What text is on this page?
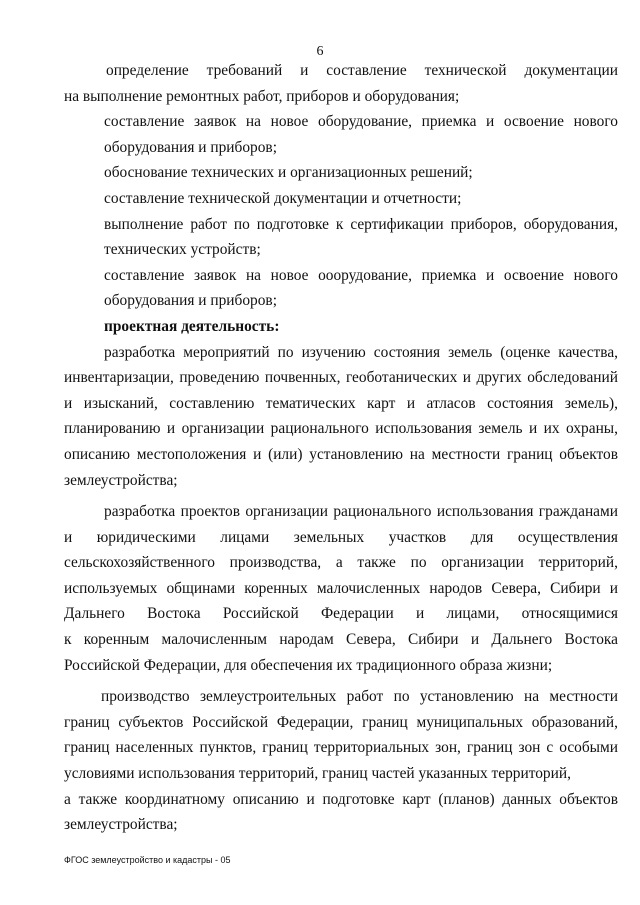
6
определение требований и составление технической документации
на выполнение ремонтных работ, приборов и оборудования;
составление заявок на новое оборудование, приемка и освоение нового
оборудования и приборов;
обоснование технических и организационных решений;
составление технической документации и отчетности;
выполнение работ по подготовке к сертификации приборов, оборудования,
технических устройств;
составление заявок на новое ооорудование, приемка и освоение нового
оборудования и приборов;
проектная деятельность:
разработка мероприятий по изучению состояния земель (оценке качества,
инвентаризации, проведению почвенных, геоботанических и других обследований
и изысканий, составлению тематических карт и атласов состояния земель),
планированию и организации рационального использования земель и их охраны,
описанию местоположения и (или) установлению на местности границ объектов
землеустройства;
разработка проектов организации рационального использования гражданами
и юридическими лицами земельных участков для осуществления
сельскохозяйственного производства, а также по организации территорий,
используемых общинами коренных малочисленных народов Севера, Сибири и
Дальнего Востока Российской Федерации и лицами, относящимися
к коренным малочисленным народам Севера, Сибири и Дальнего Востока
Российской Федерации, для обеспечения их традиционного образа жизни;
производство землеустроительных работ по установлению на местности
границ субъектов Российской Федерации, границ муниципальных образований,
границ населенных пунктов, границ территориальных зон, границ зон с особыми
условиями использования территорий, границ частей указанных территорий,
а также координатному описанию и подготовке карт (планов) данных объектов
землеустройства;
ФГОС землеустройство и кадастры - 05
